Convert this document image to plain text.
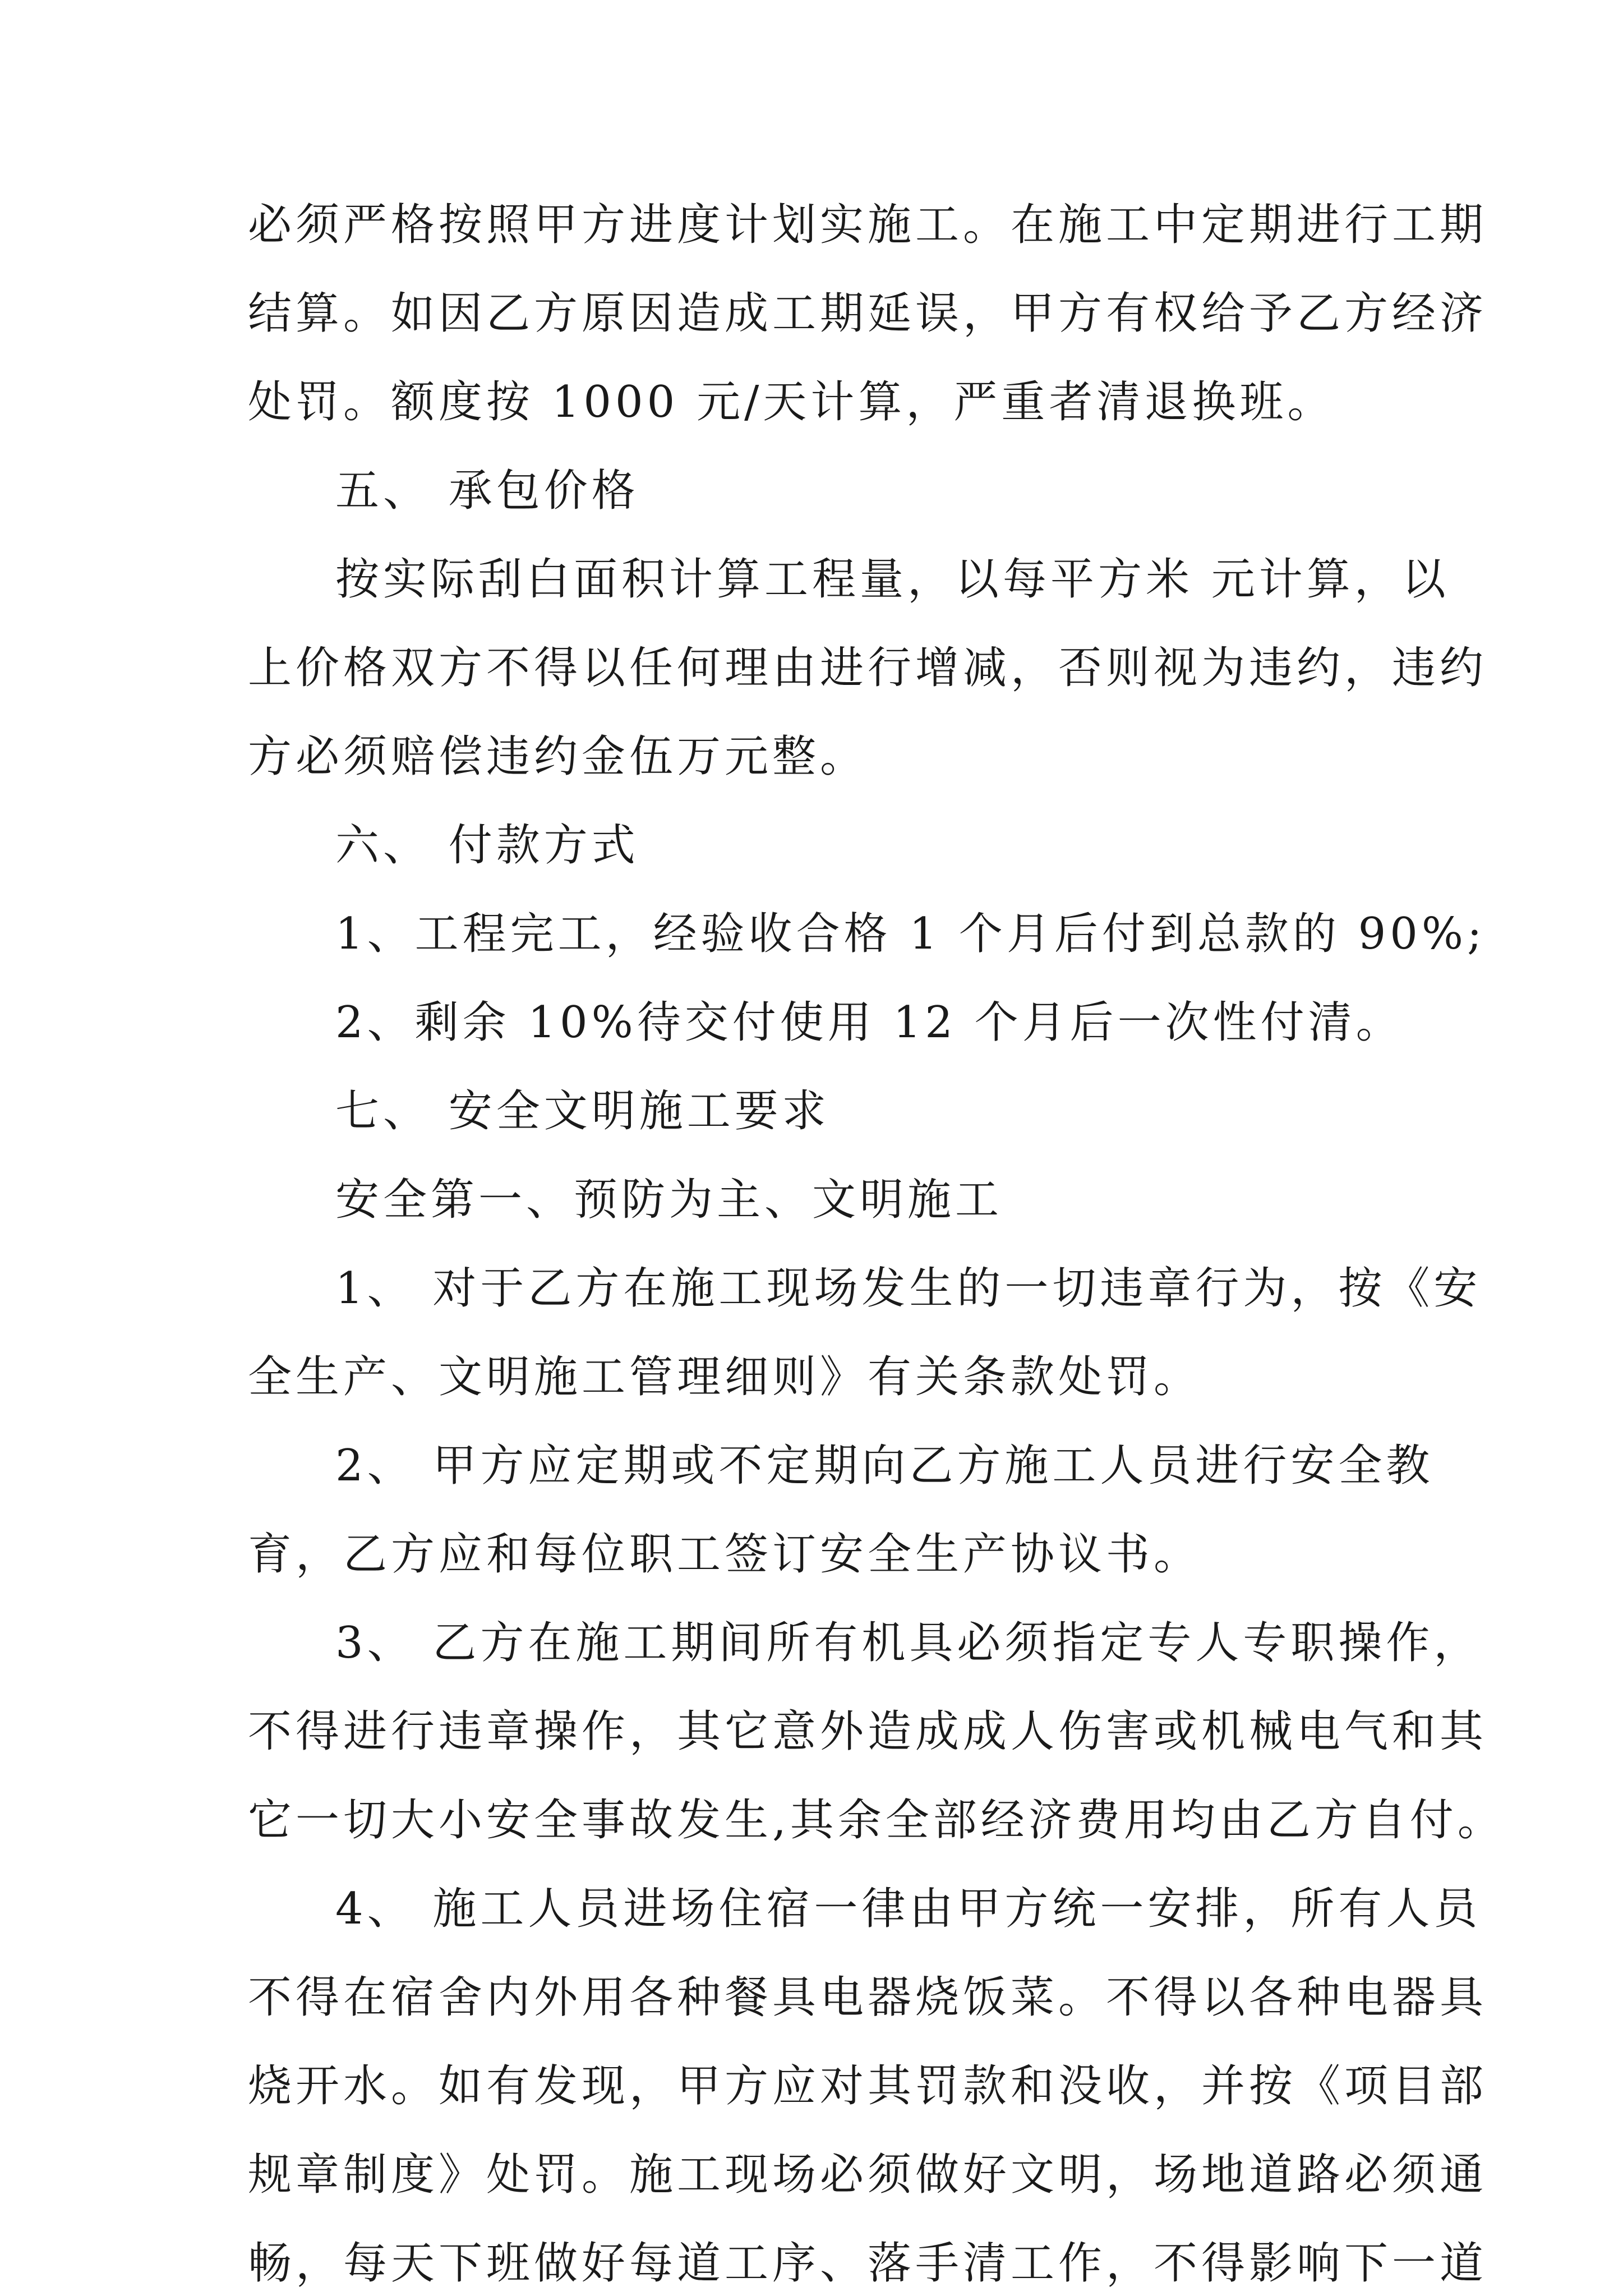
必须严格按照甲方进度计划实施工。在施工中定期进行工期
结算。如因乙方原因造成工期延误，甲方有权给予乙方经济
处罚。额度按 1000 元/天计算，严重者清退换班。
五、 承包价格
按实际刮白面积计算工程量，以每平方米 元计算，以
上价格双方不得以任何理由进行增减，否则视为违约，违约
方必须赔偿违约金伍万元整。
六、 付款方式
1、工程完工，经验收合格 1 个月后付到总款的 90%;
2、剩余 10%待交付使用 12 个月后一次性付清。
七、 安全文明施工要求
安全第一、预防为主、文明施工
1、 对于乙方在施工现场发生的一切违章行为，按《安
全生产、文明施工管理细则》有关条款处罚。
2、 甲方应定期或不定期向乙方施工人员进行安全教
育，乙方应和每位职工签订安全生产协议书。
3、 乙方在施工期间所有机具必须指定专人专职操作，
不得进行违章操作，其它意外造成成人伤害或机械电气和其
它一切大小安全事故发生,其余全部经济费用均由乙方自付。
4、 施工人员进场住宿一律由甲方统一安排，所有人员
不得在宿舍内外用各种餐具电器烧饭菜。不得以各种电器具
烧开水。如有发现，甲方应对其罚款和没收，并按《项目部
规章制度》处罚。施工现场必须做好文明，场地道路必须通
畅，每天下班做好每道工序、落手清工作，不得影响下一道
